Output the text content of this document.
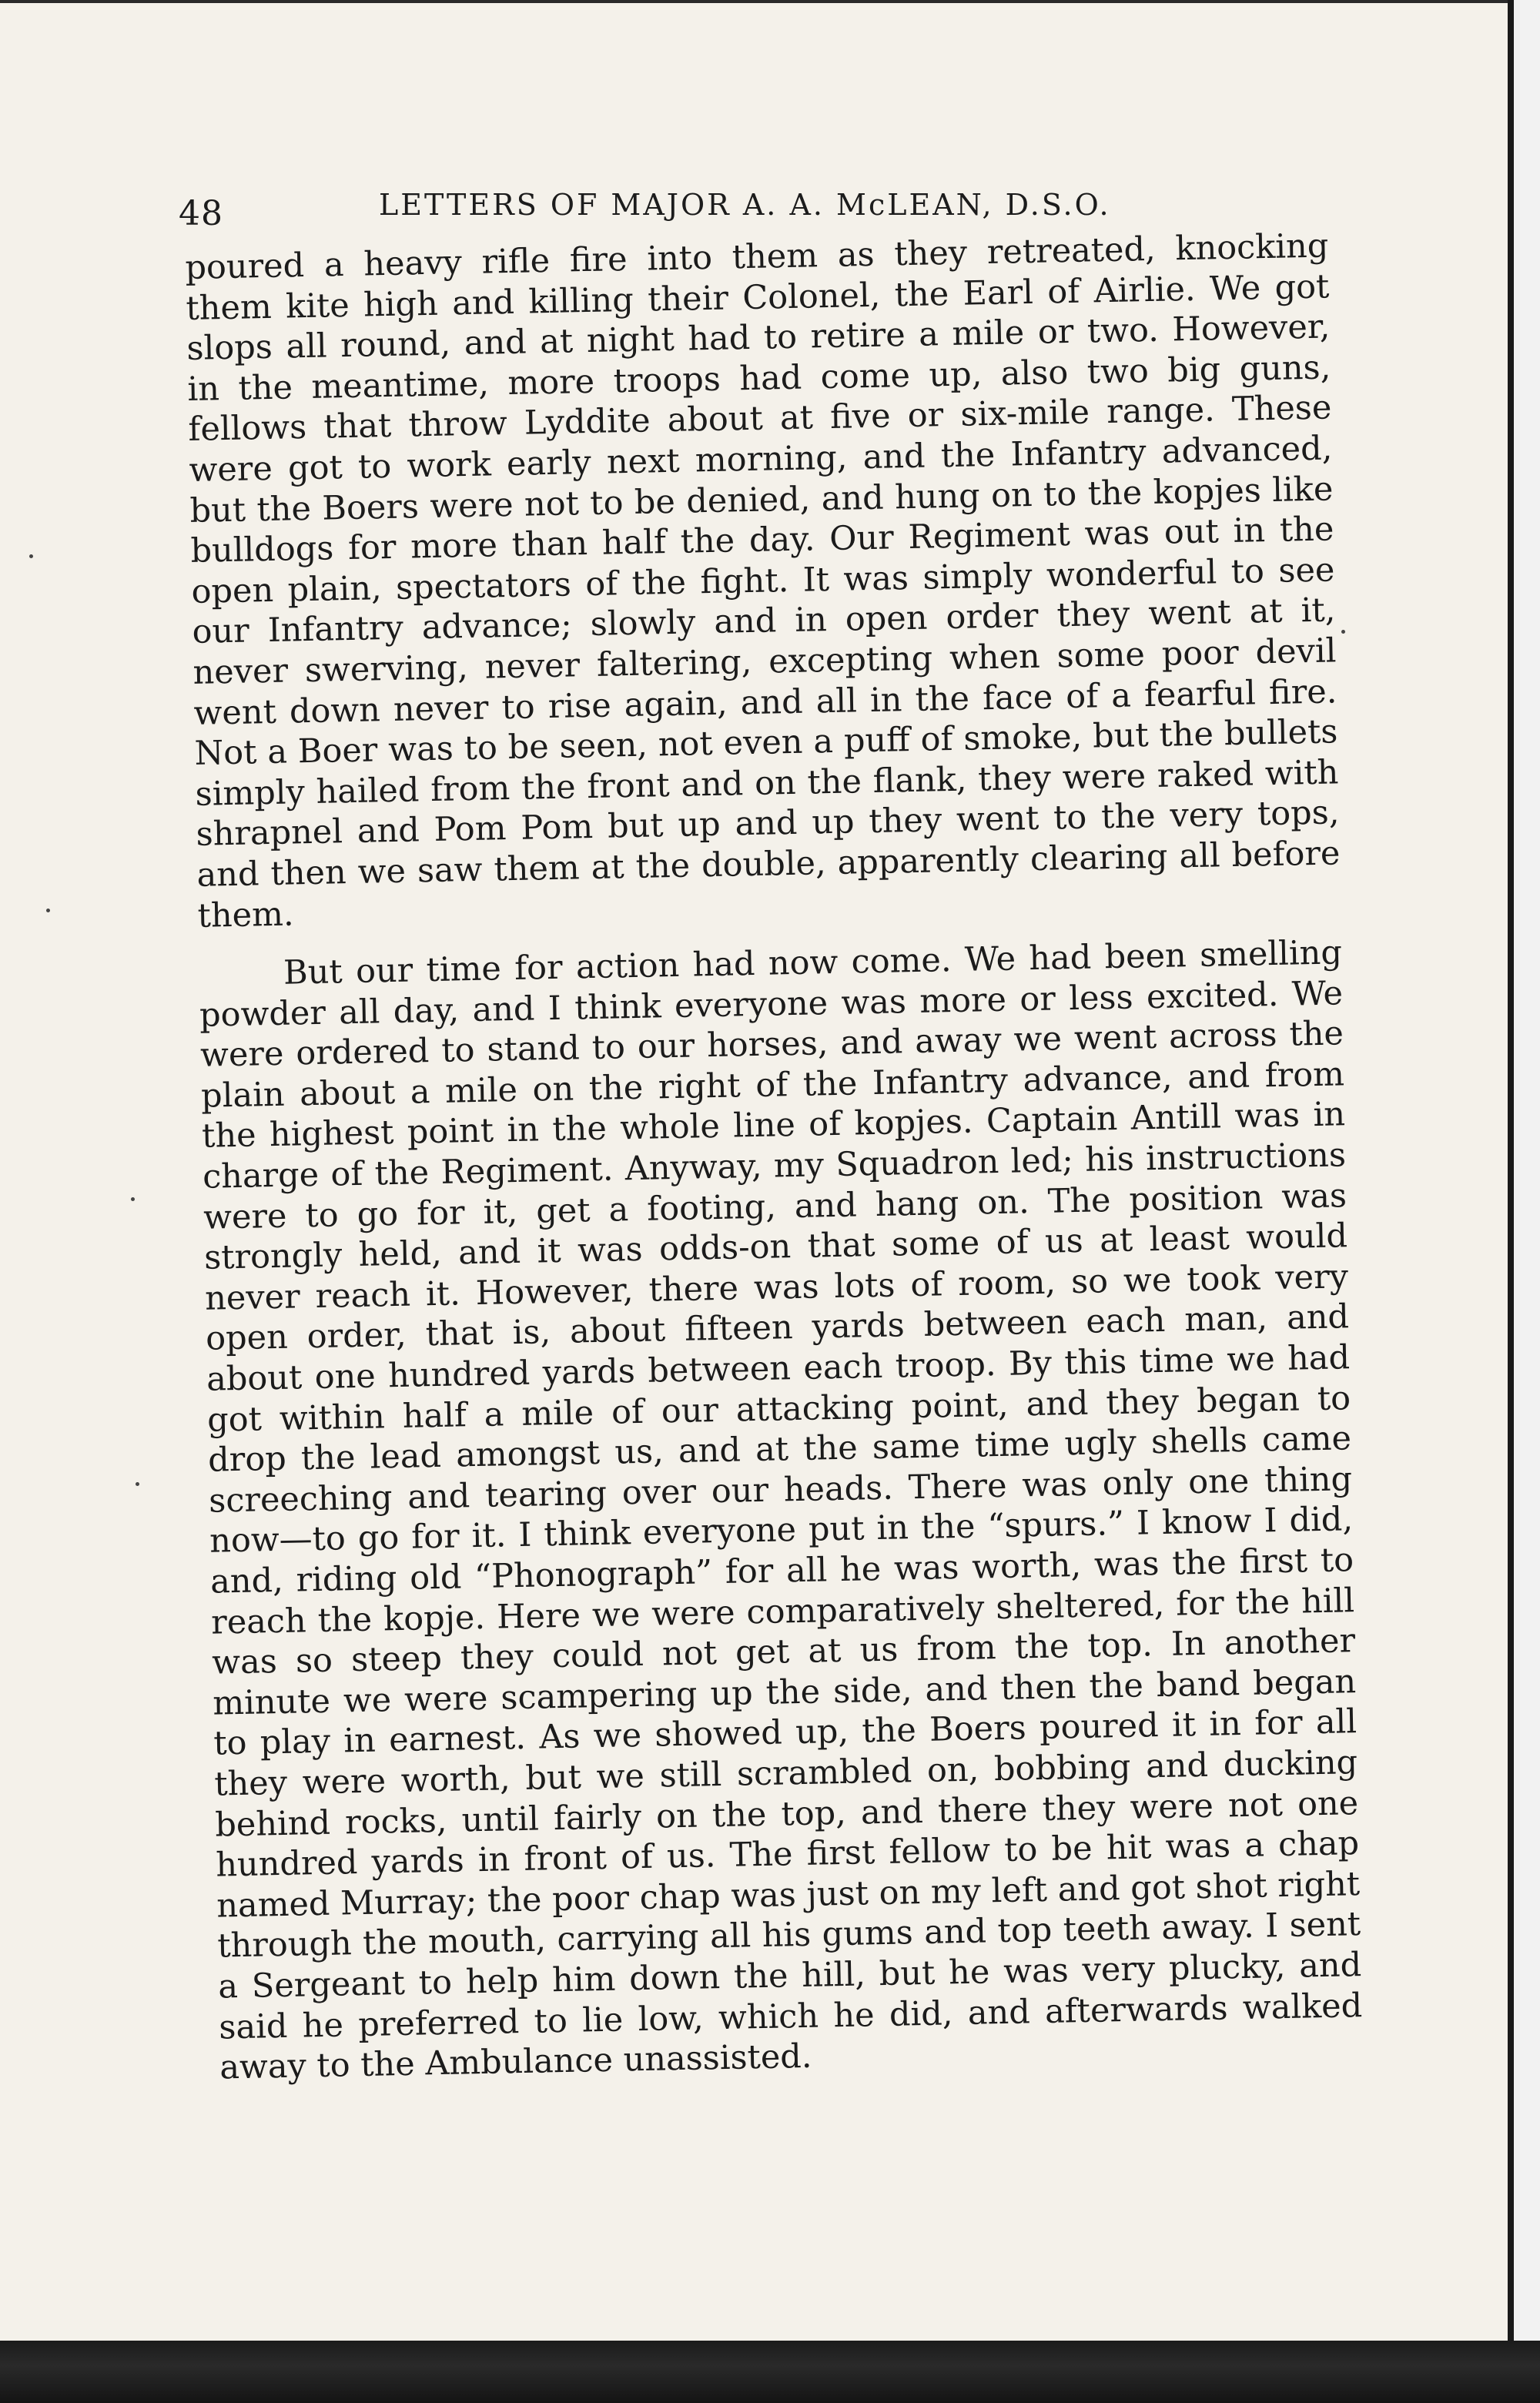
48	LETTERS OF MAJOR A. A. McLEAN, D.S.O.

poured a heavy rifle fire into them as they retreated, knocking them kite high and killing their Colonel, the Earl of Airlie. We got slops all round, and at night had to retire a mile or two. However, in the meantime, more troops had come up, also two big guns, fellows that throw Lyddite about at five or six-mile range. These were got to work early next morning, and the Infantry advanced, but the Boers were not to be denied, and hung on to the kopjes like bulldogs for more than half the day. Our Regiment was out in the open plain, spectators of the fight. It was simply wonderful to see our Infantry advance; slowly and in open order they went at it, never swerving, never faltering, excepting when some poor devil went down never to rise again, and all in the face of a fearful fire. Not a Boer was to be seen, not even a puff of smoke, but the bullets simply hailed from the front and on the flank, they were raked with shrapnel and Pom Pom but up and up they went to the very tops, and then we saw them at the double, apparently clearing all before them.

But our time for action had now come. We had been smelling powder all day, and I think everyone was more or less excited. We were ordered to stand to our horses, and away we went across the plain about a mile on the right of the Infantry advance, and from the highest point in the whole line of kopjes. Captain Antill was in charge of the Regiment. Anyway, my Squadron led; his instructions were to go for it, get a footing, and hang on. The position was strongly held, and it was odds-on that some of us at least would never reach it. However, there was lots of room, so we took very open order, that is, about fifteen yards between each man, and about one hundred yards between each troop. By this time we had got within half a mile of our attacking point, and they began to drop the lead amongst us, and at the same time ugly shells came screeching and tearing over our heads. There was only one thing now—to go for it. I think everyone put in the “spurs.” I know I did, and, riding old “Phonograph” for all he was worth, was the first to reach the kopje. Here we were comparatively sheltered, for the hill was so steep they could not get at us from the top. In another minute we were scampering up the side, and then the band began to play in earnest. As we showed up, the Boers poured it in for all they were worth, but we still scrambled on, bobbing and ducking behind rocks, until fairly on the top, and there they were not one hundred yards in front of us. The first fellow to be hit was a chap named Murray; the poor chap was just on my left and got shot right through the mouth, carrying all his gums and top teeth away. I sent a Sergeant to help him down the hill, but he was very plucky, and said he preferred to lie low, which he did, and afterwards walked away to the Ambulance unassisted.
